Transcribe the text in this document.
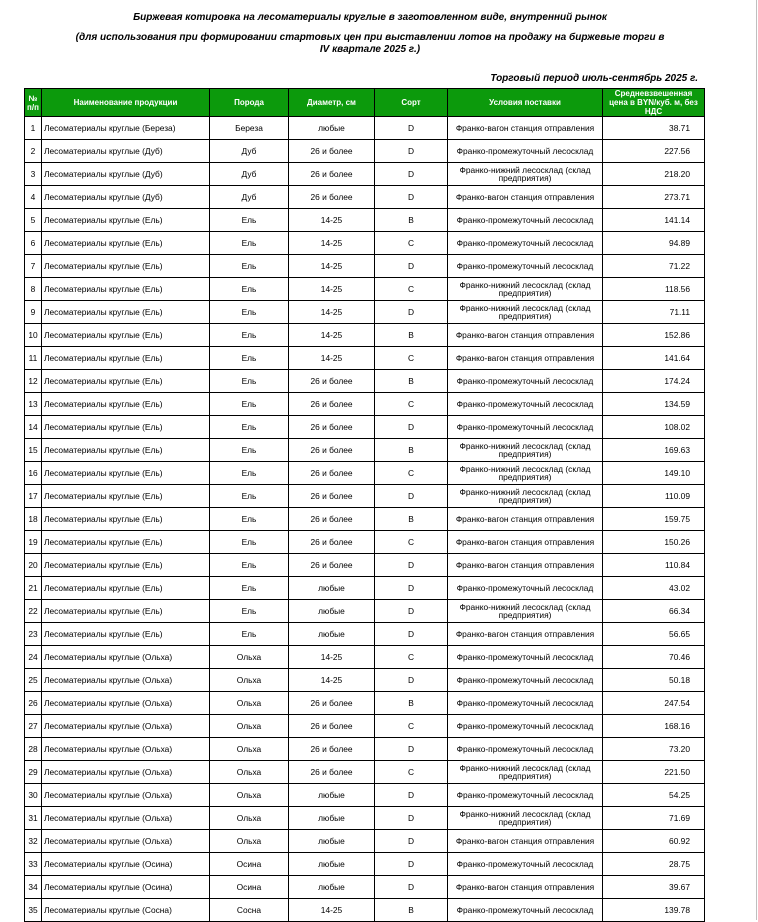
Биржевая котировка на лесоматериалы круглые в заготовленном виде, внутренний рынок
(для использования при формировании стартовых цен при выставлении лотов на продажу на биржевые торги в
IV квартале 2025 г.)
Торговый период июль-сентябрь 2025 г.
№ п/п	Наименование продукции	Порода	Диаметр, см	Сорт	Условия поставки	Средневзвешенная цена в BYN/куб. м, без НДС
1	Лесоматериалы круглые (Береза)	Береза	любые	D	Франко-вагон станция отправления	38.71
2	Лесоматериалы круглые (Дуб)	Дуб	26 и более	D	Франко-промежуточный лесосклад	227.56
3	Лесоматериалы круглые (Дуб)	Дуб	26 и более	D	Франко-нижний лесосклад (склад предприятия)	218.20
4	Лесоматериалы круглые (Дуб)	Дуб	26 и более	D	Франко-вагон станция отправления	273.71
5	Лесоматериалы круглые (Ель)	Ель	14-25	B	Франко-промежуточный лесосклад	141.14
6	Лесоматериалы круглые (Ель)	Ель	14-25	C	Франко-промежуточный лесосклад	94.89
7	Лесоматериалы круглые (Ель)	Ель	14-25	D	Франко-промежуточный лесосклад	71.22
8	Лесоматериалы круглые (Ель)	Ель	14-25	C	Франко-нижний лесосклад (склад предприятия)	118.56
9	Лесоматериалы круглые (Ель)	Ель	14-25	D	Франко-нижний лесосклад (склад предприятия)	71.11
10	Лесоматериалы круглые (Ель)	Ель	14-25	B	Франко-вагон станция отправления	152.86
11	Лесоматериалы круглые (Ель)	Ель	14-25	C	Франко-вагон станция отправления	141.64
12	Лесоматериалы круглые (Ель)	Ель	26 и более	B	Франко-промежуточный лесосклад	174.24
13	Лесоматериалы круглые (Ель)	Ель	26 и более	C	Франко-промежуточный лесосклад	134.59
14	Лесоматериалы круглые (Ель)	Ель	26 и более	D	Франко-промежуточный лесосклад	108.02
15	Лесоматериалы круглые (Ель)	Ель	26 и более	B	Франко-нижний лесосклад (склад предприятия)	169.63
16	Лесоматериалы круглые (Ель)	Ель	26 и более	C	Франко-нижний лесосклад (склад предприятия)	149.10
17	Лесоматериалы круглые (Ель)	Ель	26 и более	D	Франко-нижний лесосклад (склад предприятия)	110.09
18	Лесоматериалы круглые (Ель)	Ель	26 и более	B	Франко-вагон станция отправления	159.75
19	Лесоматериалы круглые (Ель)	Ель	26 и более	C	Франко-вагон станция отправления	150.26
20	Лесоматериалы круглые (Ель)	Ель	26 и более	D	Франко-вагон станция отправления	110.84
21	Лесоматериалы круглые (Ель)	Ель	любые	D	Франко-промежуточный лесосклад	43.02
22	Лесоматериалы круглые (Ель)	Ель	любые	D	Франко-нижний лесосклад (склад предприятия)	66.34
23	Лесоматериалы круглые (Ель)	Ель	любые	D	Франко-вагон станция отправления	56.65
24	Лесоматериалы круглые (Ольха)	Ольха	14-25	C	Франко-промежуточный лесосклад	70.46
25	Лесоматериалы круглые (Ольха)	Ольха	14-25	D	Франко-промежуточный лесосклад	50.18
26	Лесоматериалы круглые (Ольха)	Ольха	26 и более	B	Франко-промежуточный лесосклад	247.54
27	Лесоматериалы круглые (Ольха)	Ольха	26 и более	C	Франко-промежуточный лесосклад	168.16
28	Лесоматериалы круглые (Ольха)	Ольха	26 и более	D	Франко-промежуточный лесосклад	73.20
29	Лесоматериалы круглые (Ольха)	Ольха	26 и более	C	Франко-нижний лесосклад (склад предприятия)	221.50
30	Лесоматериалы круглые (Ольха)	Ольха	любые	D	Франко-промежуточный лесосклад	54.25
31	Лесоматериалы круглые (Ольха)	Ольха	любые	D	Франко-нижний лесосклад (склад предприятия)	71.69
32	Лесоматериалы круглые (Ольха)	Ольха	любые	D	Франко-вагон станция отправления	60.92
33	Лесоматериалы круглые (Осина)	Осина	любые	D	Франко-промежуточный лесосклад	28.75
34	Лесоматериалы круглые (Осина)	Осина	любые	D	Франко-вагон станция отправления	39.67
35	Лесоматериалы круглые (Сосна)	Сосна	14-25	B	Франко-промежуточный лесосклад	139.78
